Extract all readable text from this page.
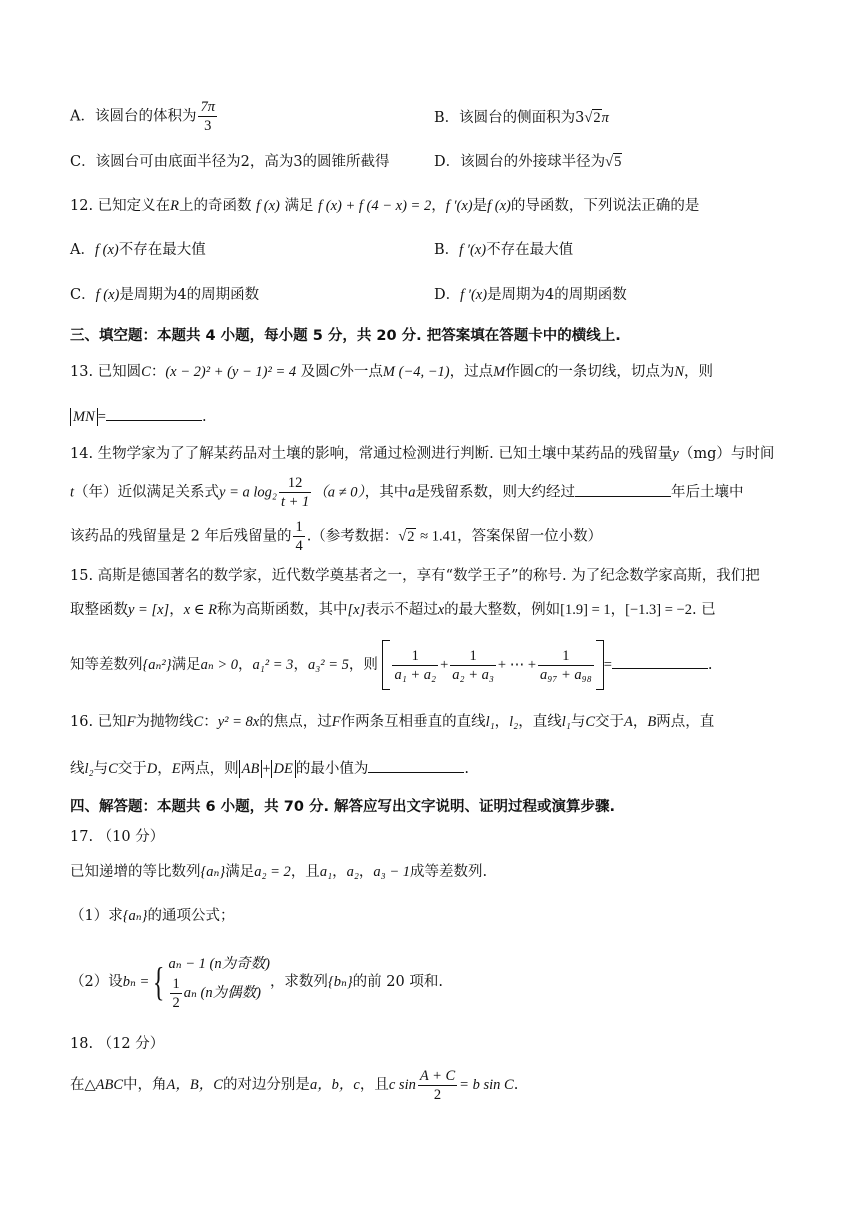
A．该圆台的体积为 $\frac{7\pi}{3}$	B．该圆台的侧面积为3√2π
C．该圆台可由底面半径为2，高为3的圆锥所截得	D．该圆台的外接球半径为√5
12. 已知定义在R上的奇函数 f (x) 满足 f (x) + f (4 − x) = 2，f ′(x)是f (x)的导函数，下列说法正确的是
A．f (x)不存在最大值	B．f ′(x)不存在最大值
C．f (x)是周期为4的周期函数	D．f ′(x)是周期为4的周期函数
三、填空题：本题共 4 小题，每小题 5 分，共 20 分. 把答案填在答题卡中的横线上.
13. 已知圆C：(x − 2)² + (y − 1)² = 4 及圆C外一点M (−4, −1)，过点M作圆C的一条切线，切点为N，则
MN =	.
14. 生物学家为了了解某药品对土壤的影响，常通过检测进行判断. 已知土壤中某药品的残留量y（mg）与时间
t（年）近似满足关系式y = a $\log_2 \frac{12}{t + 1} (a \ne 0)$，其中a是残留系数，则大约经过	年后土壤中
该药品的残留量是 2 年后残留量的 $\frac{1}{4}$ .（参考数据：√2 ≈ 1.41，答案保留一位小数）
15. 高斯是德国著名的数学家，近代数学奠基者之一，享有“数学王子”的称号. 为了纪念数学家高斯，我们把
取整函数y = [x]，x ∈ R称为高斯函数，其中[x]表示不超过x的最大整数，例如[1.9] = 1，[−1.3] = −2. 已
知等差数列{aₙ²}满足aₙ > 0，a₁² = 3，a₃² = 5，则 $\frac{1}{\text{a₁ + a₂}} + \frac{1}{\text{a₂ + a₃}}$ + ⋯ + $\frac{1}{\text{a₉₇ + a₉₈}}$ =	.
16. 已知F为抛物线C：y² = 8x的焦点，过F作两条互相垂直的直线l₁，l₂，直线l₁与C交于A，B两点，直
线l₂与C交于D，E两点，则 AB + DE 的最小值为	.
四、解答题：本题共 6 小题，共 70 分. 解答应写出文字说明、证明过程或演算步骤.
17. （10 分）
已知递增的等比数列{aₙ}满足a₂ = 2，且a₁，a₂，a₃ − 1成等差数列.
（1）求{aₙ}的通项公式；
（2）设bₙ ={ aₙ − 1 (n为奇数)
$\frac{1}{2}$ aₙ (n为偶数)
，求数列{bₙ}的前 20 项和.
18. （12 分）
在△ABC中，角A，B，C的对边分别是a，b，c，且c $\sin \frac{A + C}{2} = b$ sin C.
